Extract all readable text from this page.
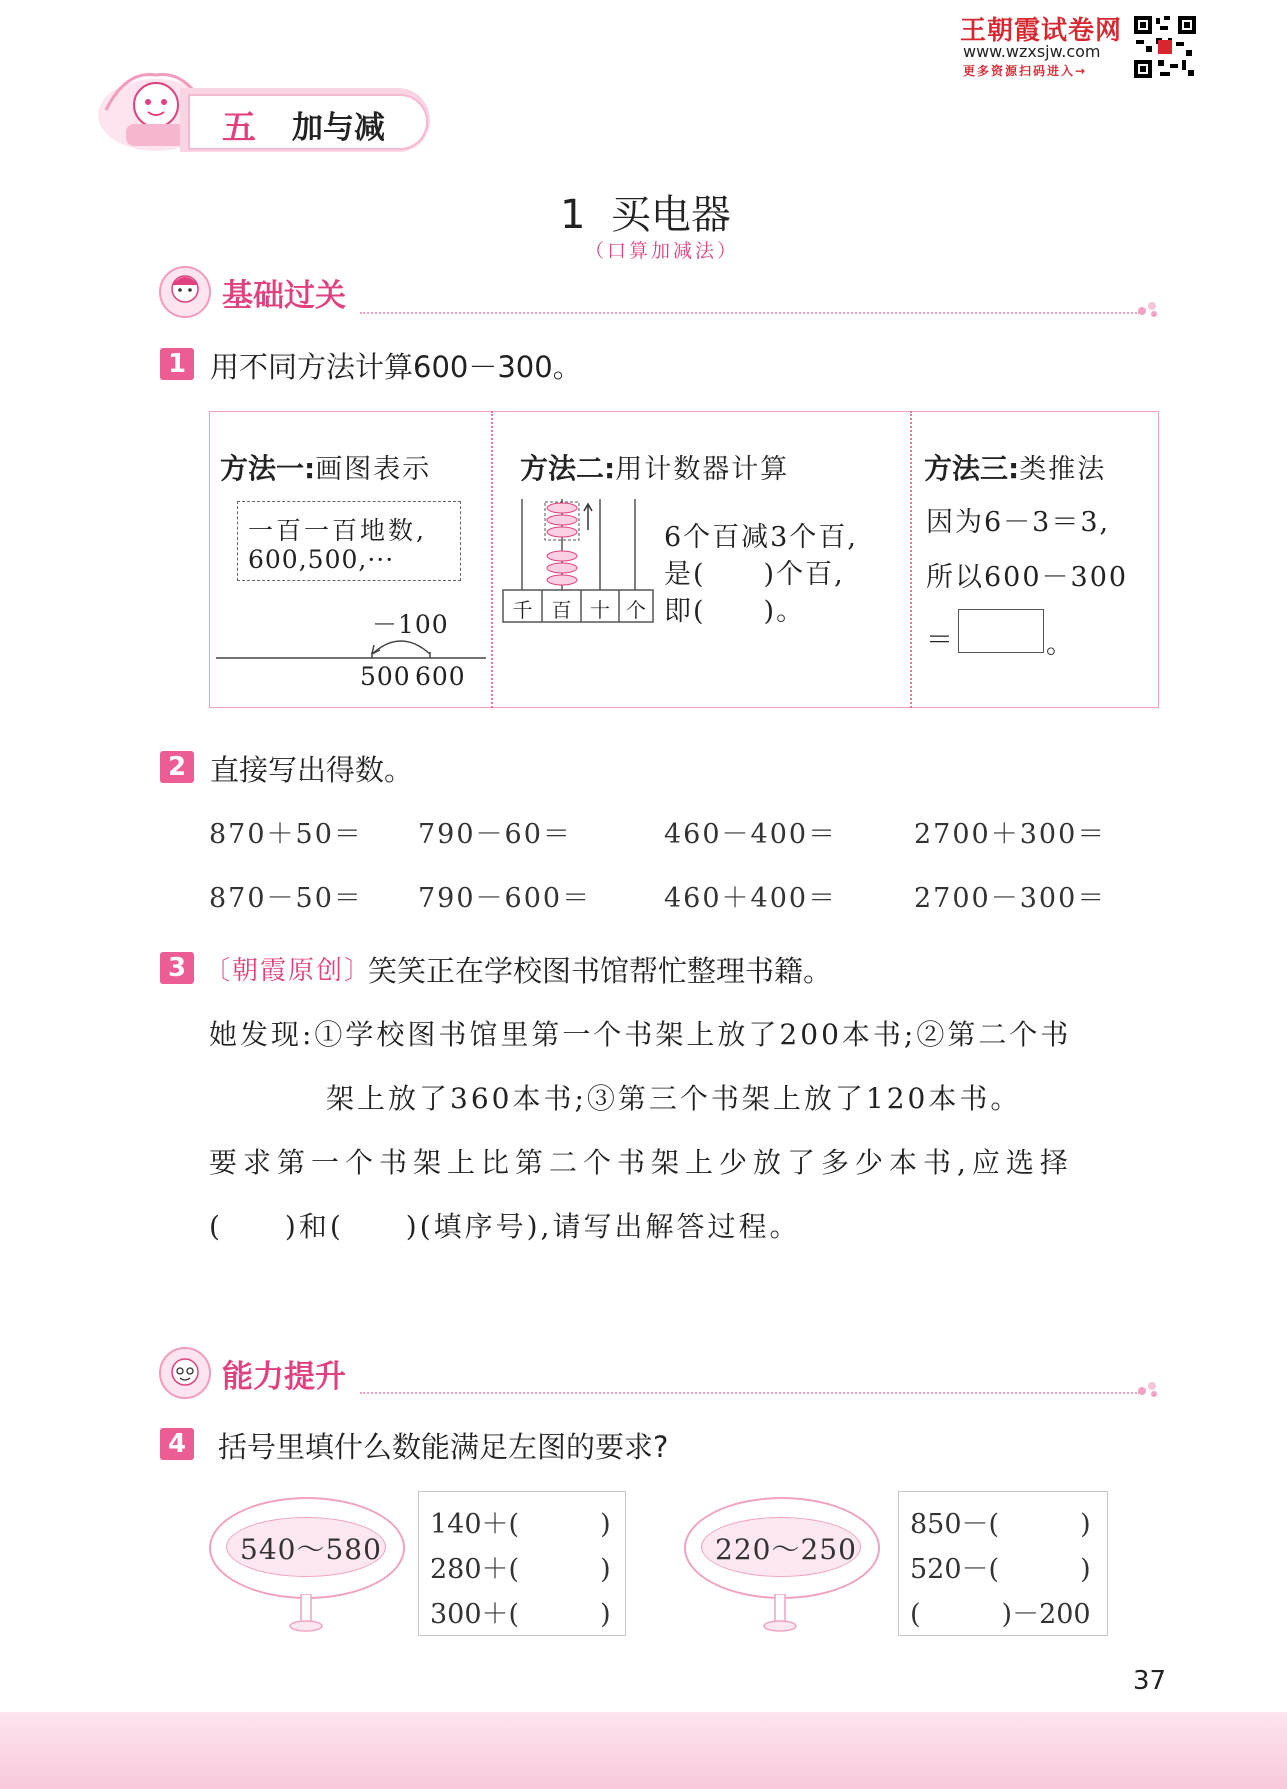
王朝霞试卷网
www.wzxsjw.com
更多资源扫码进入→
五 加与减
1  买电器
（口算加减法）
基础过关
1 用不同方法计算600－300。
方法一:画图表示
一百一百地数,
600,500,···
－100
500 600
方法二:用计数器计算
千 百 十 个
6个百减3个百,
是(　　)个百,
即(　　)。
方法三:类推法
因为6－3＝3,
所以600－300
＝	。
2 直接写出得数。
870＋50＝ 790－60＝	460－400＝	2700＋300＝
870－50＝ 790－600＝	460＋400＝	2700－300＝
3 〔朝霞原创〕
笑笑正在学校图书馆帮忙整理书籍。
她发现:①学校图书馆里第一个书架上放了200本书;②第二个书
架上放了360本书;③第三个书架上放了120本书。
要求第一个书架上比第二个书架上少放了多少本书,应选择
(　　)和(　　)(填序号),请写出解答过程。
能力提升
4 括号里填什么数能满足左图的要求?
540～580
140＋(　　　)
280＋(　　　)
300＋(　　　)
220～250
850－(　　　)
520－(　　　)
(　　　)－200
37
